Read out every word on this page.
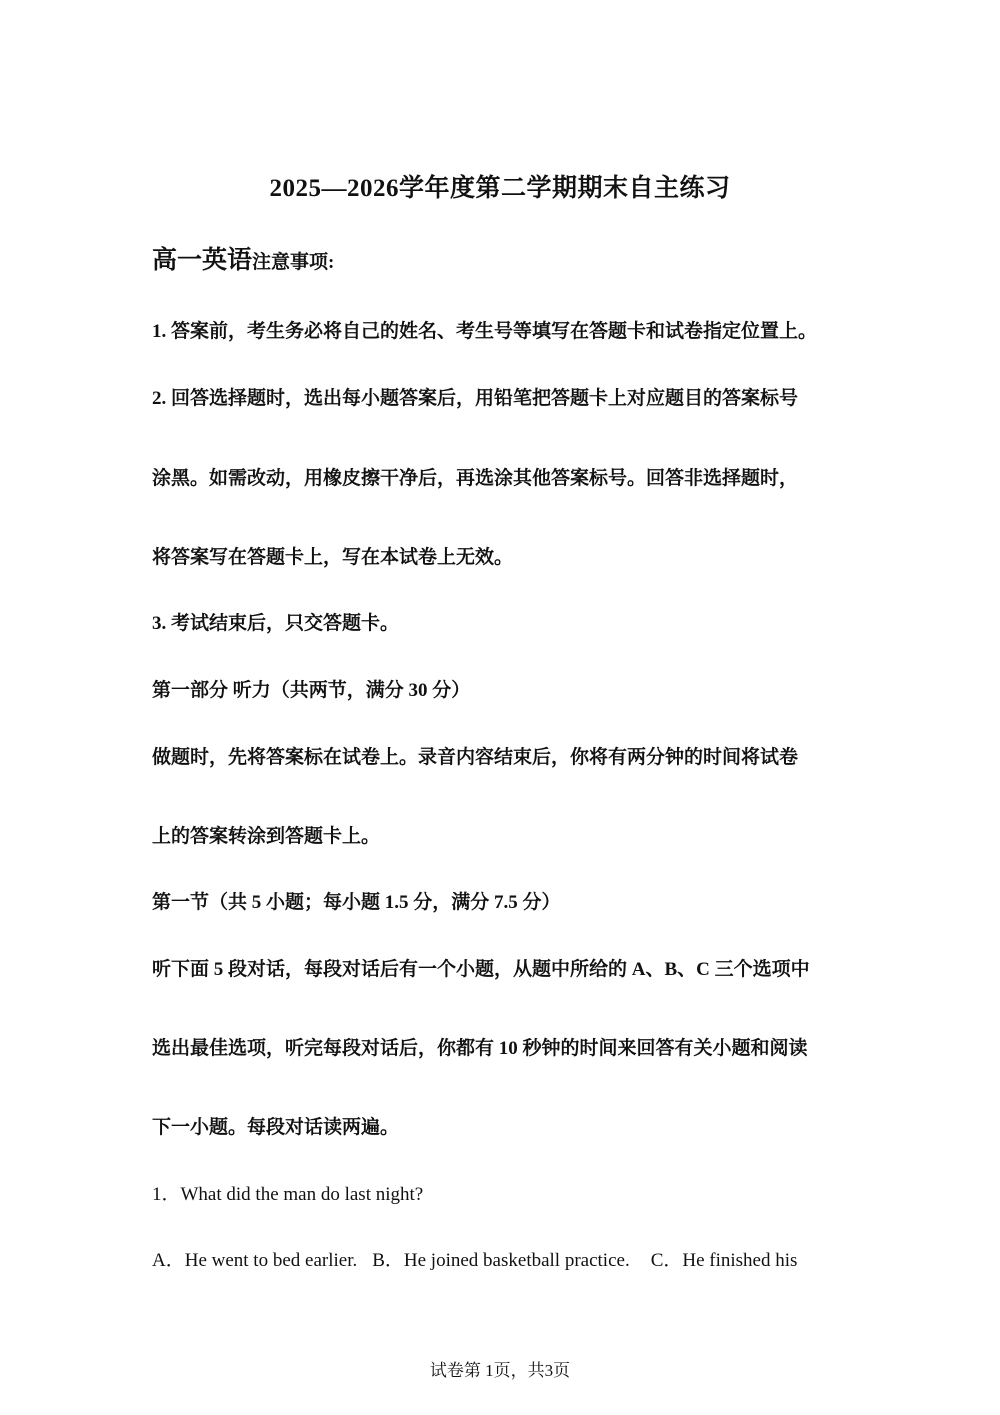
2025—2026学年度第二学期期末自主练习
高一英语注意事项:
1. 答案前，考生务必将自己的姓名、考生号等填写在答题卡和试卷指定位置上。
2. 回答选择题时，选出每小题答案后，用铅笔把答题卡上对应题目的答案标号
涂黑。如需改动，用橡皮擦干净后，再选涂其他答案标号。回答非选择题时，
将答案写在答题卡上，写在本试卷上无效。
3. 考试结束后，只交答题卡。
第一部分 听力（共两节，满分 30 分）
做题时，先将答案标在试卷上。录音内容结束后，你将有两分钟的时间将试卷
上的答案转涂到答题卡上。
第一节（共 5 小题；每小题 1.5 分，满分 7.5 分）
听下面 5 段对话，每段对话后有一个小题，从题中所给的 A、B、C 三个选项中
选出最佳选项，听完每段对话后，你都有 10 秒钟的时间来回答有关小题和阅读
下一小题。每段对话读两遍。
1．What did the man do last night?
A．He went to bed earlier. B．He joined basketball practice. C．He finished his
试卷第 1页，共3页
